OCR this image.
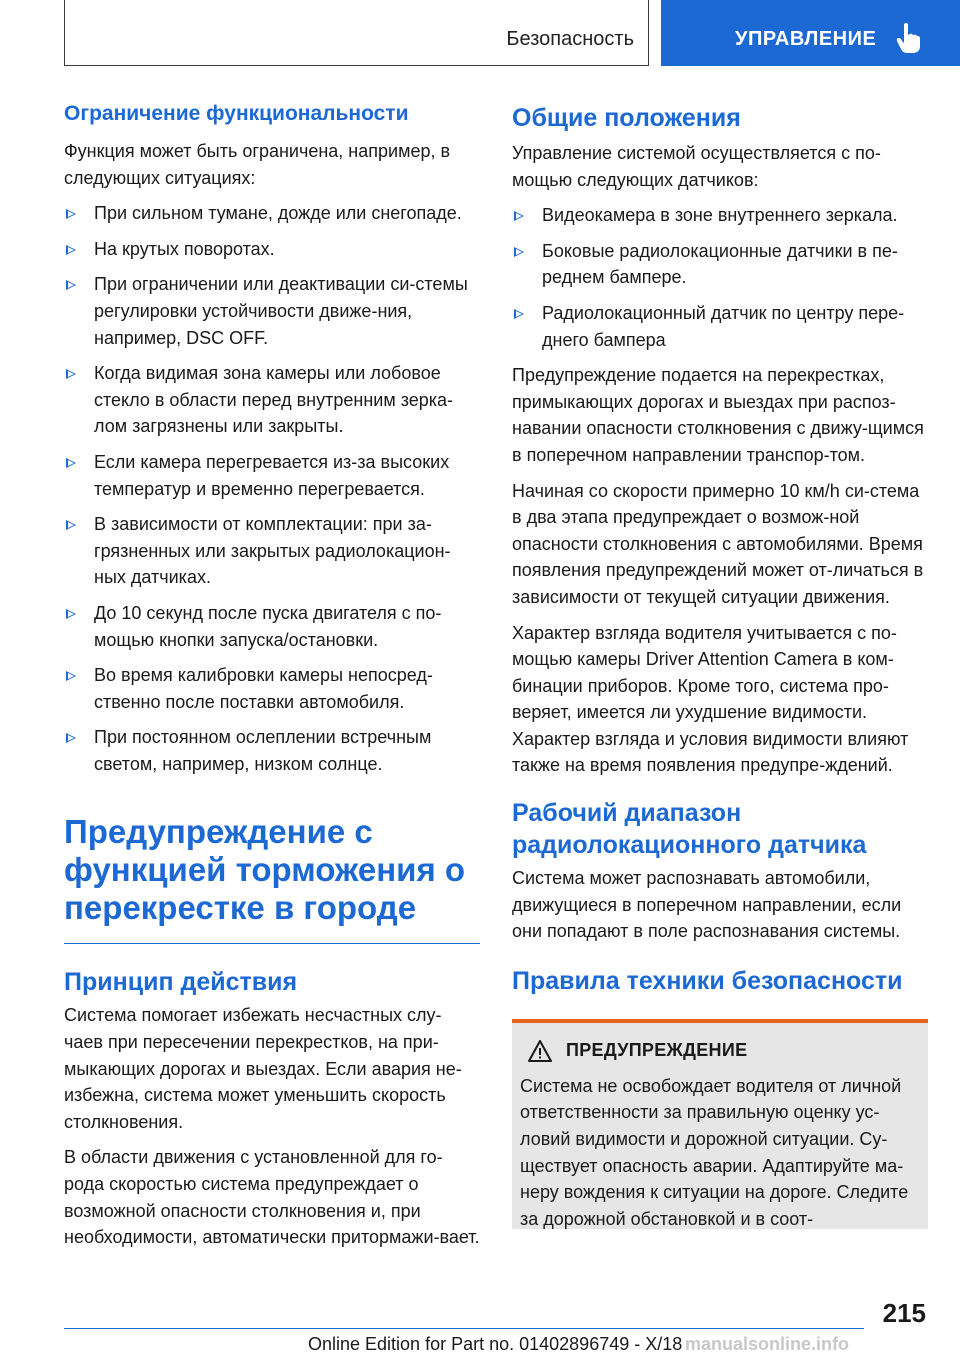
Безопасность	УПРАВЛЕНИЕ
Ограничение функциональности
Функция может быть ограничена, например, в следующих ситуациях:
При сильном тумане, дожде или снегопаде.
На крутых поворотах.
При ограничении или деактивации си-стемы регулировки устойчивости движе-ния, например, DSC OFF.
Когда видимая зона камеры или лобовое стекло в области перед внутренним зерка-лом загрязнены или закрыты.
Если камера перегревается из-за высоких температур и временно перегревается.
В зависимости от комплектации: при за-грязненных или закрытых радиолокацион-ных датчиках.
До 10 секунд после пуска двигателя с по-мощью кнопки запуска/остановки.
Во время калибровки камеры непосред-ственно после поставки автомобиля.
При постоянном ослеплении встречным светом, например, низком солнце.
Предупреждение с функцией торможения о перекрестке в городе
Принцип действия
Система помогает избежать несчастных слу-чаев при пересечении перекрестков, на при-мыкающих дорогах и выездах. Если авария не-избежна, система может уменьшить скорость столкновения.
В области движения с установленной для го-рода скоростью система предупреждает о возможной опасности столкновения и, при необходимости, автоматически притормажи-вает.
Общие положения
Управление системой осуществляется с по-мощью следующих датчиков:
Видеокамера в зоне внутреннего зеркала.
Боковые радиолокационные датчики в пе-реднем бампере.
Радиолокационный датчик по центру пере-днего бампера
Предупреждение подается на перекрестках, примыкающих дорогах и выездах при распоз-навании опасности столкновения с движу-щимся в поперечном направлении транспор-том.
Начиная со скорости примерно 10 км/h си-стема в два этапа предупреждает о возмож-ной опасности столкновения с автомобилями. Время появления предупреждений может от-личаться в зависимости от текущей ситуации движения.
Характер взгляда водителя учитывается с по-мощью камеры Driver Attention Camera в ком-бинации приборов. Кроме того, система про-веряет, имеется ли ухудшение видимости. Характер взгляда и условия видимости влияют также на время появления предупре-ждений.
Рабочий диапазон радиолокационного датчика
Система может распознавать автомобили, движущиеся в поперечном направлении, если они попадают в поле распознавания системы.
Правила техники безопасности
ПРЕДУПРЕЖДЕНИЕ
Система не освобождает водителя от личной ответственности за правильную оценку ус-ловий видимости и дорожной ситуации. Су-ществует опасность аварии. Адаптируйте ма-неру вождения к ситуации на дороге. Следите за дорожной обстановкой и в соот-
215
Online Edition for Part no. 01402896749 - X/18 manualsonline.info
